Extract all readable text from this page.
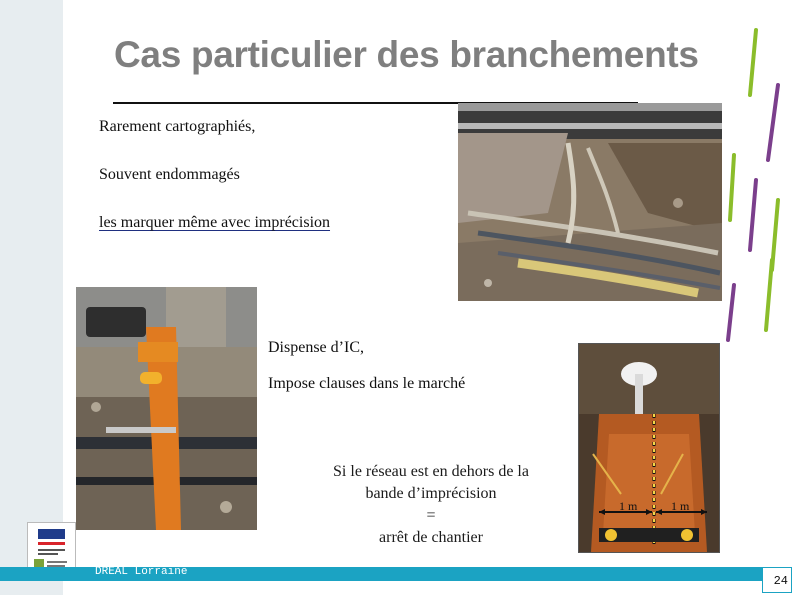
Cas particulier des branchements
Rarement cartographiés,
Souvent endommagés
les marquer même avec imprécision
Dispense d’IC,
Impose clauses dans le marché
Si le réseau est en dehors de la
bande d’imprécision
=
arrêt de chantier
1 m	1 m
DREAL Lorraine
24
